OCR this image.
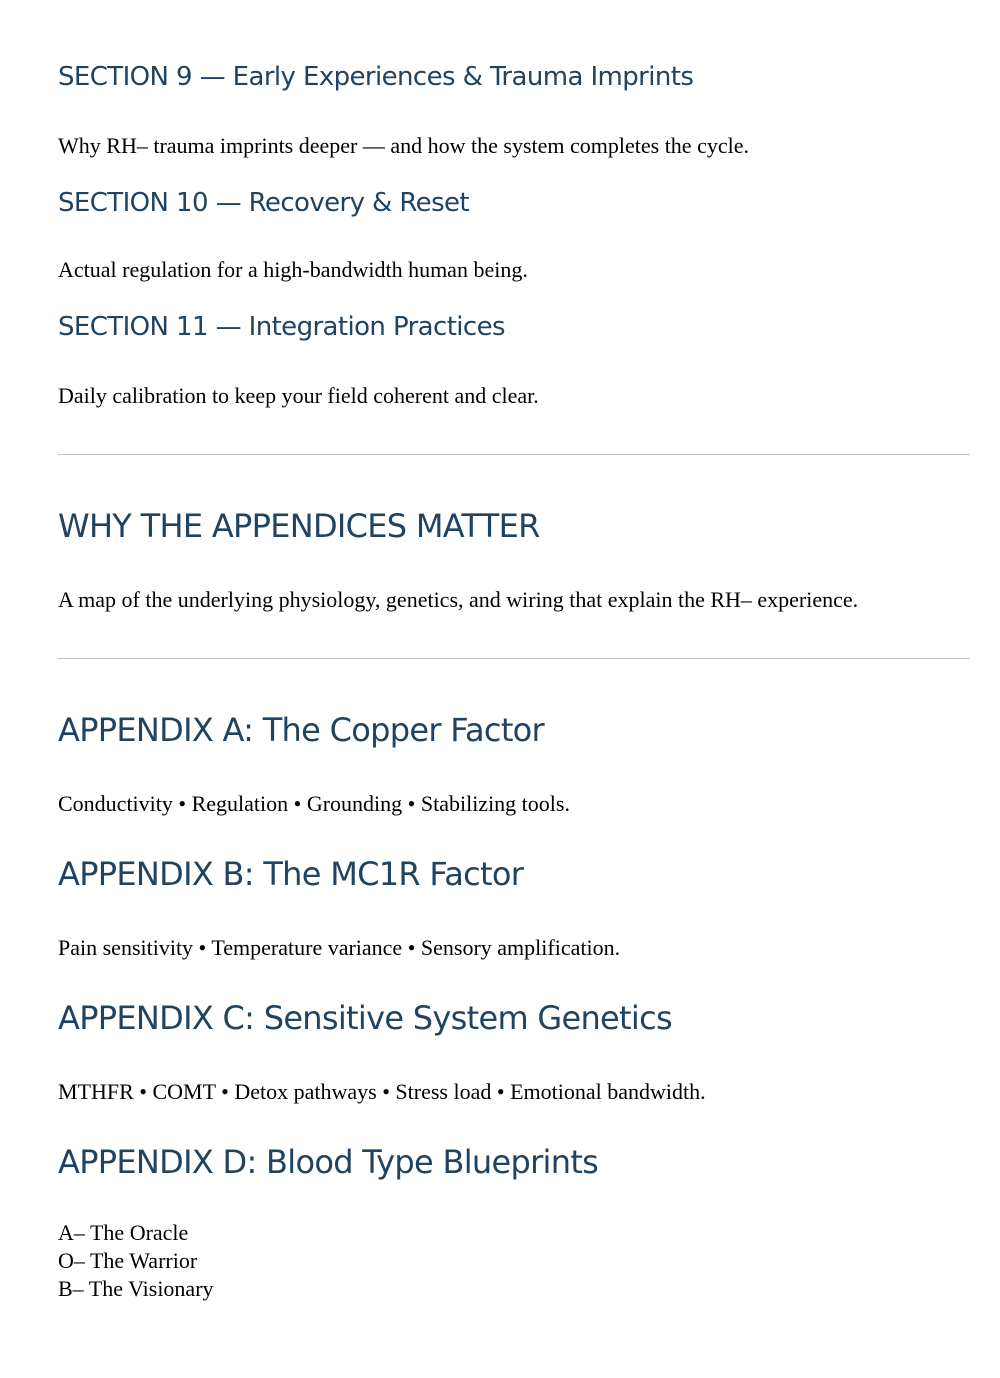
SECTION 9 — Early Experiences & Trauma Imprints

Why RH– trauma imprints deeper — and how the system completes the cycle.

SECTION 10 — Recovery & Reset

Actual regulation for a high-bandwidth human being.

SECTION 11 — Integration Practices

Daily calibration to keep your field coherent and clear.

WHY THE APPENDICES MATTER

A map of the underlying physiology, genetics, and wiring that explain the RH– experience.

APPENDIX A: The Copper Factor

Conductivity • Regulation • Grounding • Stabilizing tools.

APPENDIX B: The MC1R Factor

Pain sensitivity • Temperature variance • Sensory amplification.

APPENDIX C: Sensitive System Genetics

MTHFR • COMT • Detox pathways • Stress load • Emotional bandwidth.

APPENDIX D: Blood Type Blueprints
A– The Oracle
O– The Warrior
B– The Visionary
